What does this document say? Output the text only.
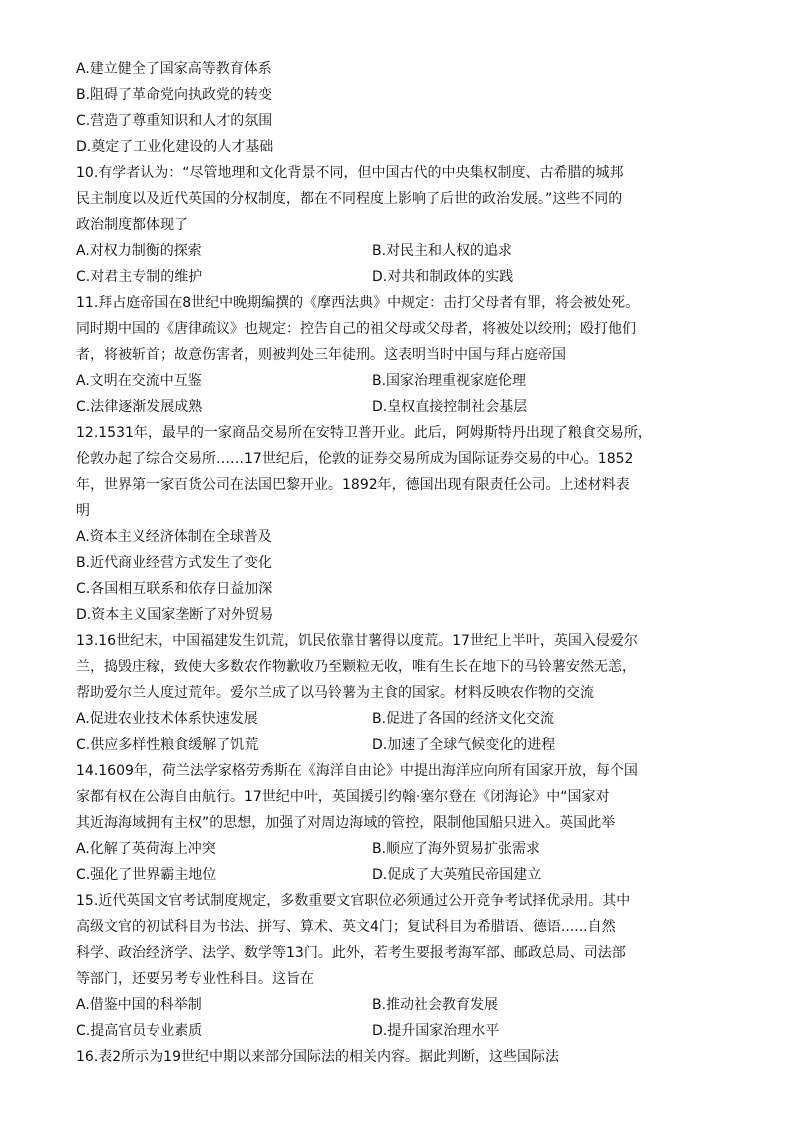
A.建立健全了国家高等教育体系
B.阻碍了革命党向执政党的转变
C.营造了尊重知识和人才的氛围
D.奠定了工业化建设的人才基础
10.有学者认为：“尽管地理和文化背景不同，但中国古代的中央集权制度、古希腊的城邦
民主制度以及近代英国的分权制度，都在不同程度上影响了后世的政治发展。”这些不同的
政治制度都体现了
A.对权力制衡的探索	B.对民主和人权的追求
C.对君主专制的维护	D.对共和制政体的实践
11.拜占庭帝国在8世纪中晚期编撰的《摩西法典》中规定：击打父母者有罪，将会被处死。
同时期中国的《唐律疏议》也规定：控告自己的祖父母或父母者，将被处以绞刑；殴打他们
者，将被斩首；故意伤害者，则被判处三年徒刑。这表明当时中国与拜占庭帝国
A.文明在交流中互鉴	B.国家治理重视家庭伦理
C.法律逐渐发展成熟	D.皇权直接控制社会基层
12.1531年，最早的一家商品交易所在安特卫普开业。此后，阿姆斯特丹出现了粮食交易所，
伦敦办起了综合交易所……17世纪后，伦敦的证券交易所成为国际证券交易的中心。1852
年，世界第一家百货公司在法国巴黎开业。1892年，德国出现有限责任公司。上述材料表
明
A.资本主义经济体制在全球普及
B.近代商业经营方式发生了变化
C.各国相互联系和依存日益加深
D.资本主义国家垄断了对外贸易
13.16世纪末，中国福建发生饥荒，饥民依靠甘薯得以度荒。17世纪上半叶，英国入侵爱尔
兰，捣毁庄稼，致使大多数农作物歉收乃至颗粒无收，唯有生长在地下的马铃薯安然无恙，
帮助爱尔兰人度过荒年。爱尔兰成了以马铃薯为主食的国家。材料反映农作物的交流
A.促进农业技术体系快速发展	B.促进了各国的经济文化交流
C.供应多样性粮食缓解了饥荒	D.加速了全球气候变化的进程
14.1609年，荷兰法学家格劳秀斯在《海洋自由论》中提出海洋应向所有国家开放，每个国
家都有权在公海自由航行。17世纪中叶，英国援引约翰·塞尔登在《闭海论》中“国家对
其近海海域拥有主权”的思想，加强了对周边海域的管控，限制他国船只进入。英国此举
A.化解了英荷海上冲突	B.顺应了海外贸易扩张需求
C.强化了世界霸主地位	D.促成了大英殖民帝国建立
15.近代英国文官考试制度规定，多数重要文官职位必须通过公开竞争考试择优录用。其中
高级文官的初试科目为书法、拼写、算术、英文4门；复试科目为希腊语、德语......自然
科学、政治经济学、法学、数学等13门。此外，若考生要报考海军部、邮政总局、司法部
等部门，还要另考专业性科目。这旨在
A.借鉴中国的科举制	B.推动社会教育发展
C.提高官员专业素质	D.提升国家治理水平
16.表2所示为19世纪中期以来部分国际法的相关内容。据此判断，这些国际法
